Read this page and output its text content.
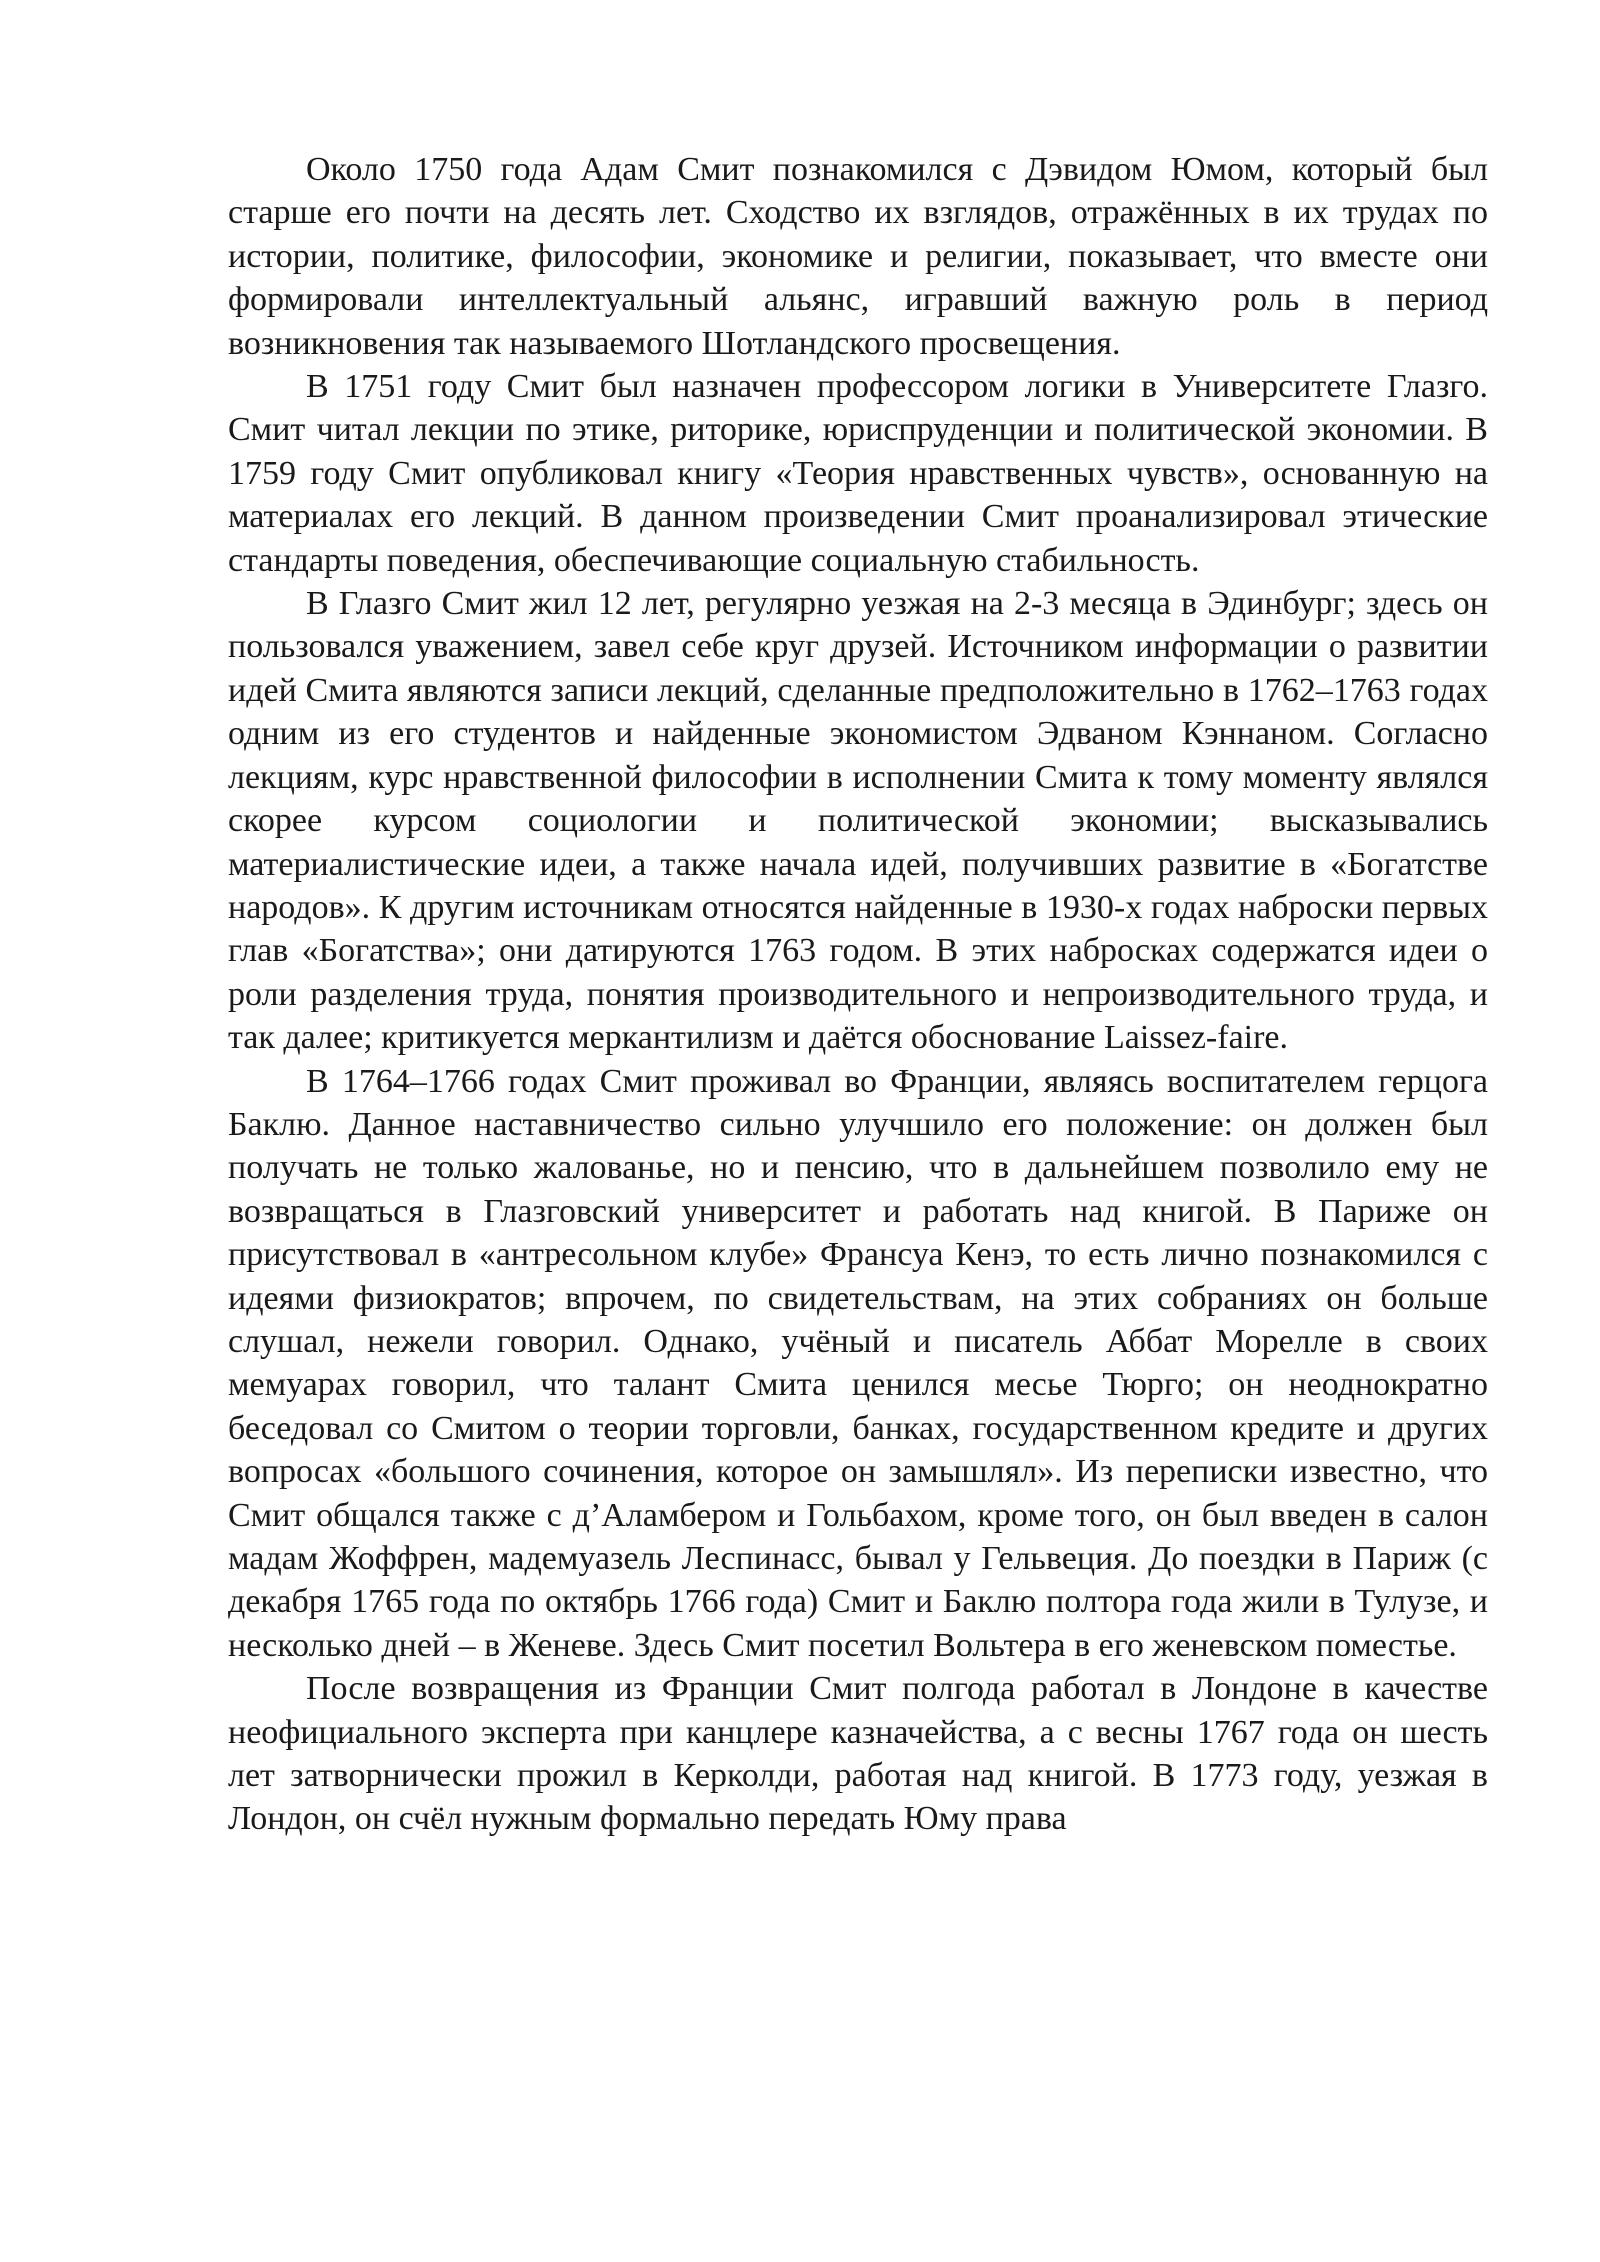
Около 1750 года Адам Смит познакомился с Дэвидом Юмом, который был старше его почти на десять лет. Сходство их взглядов, отражённых в их трудах по истории, политике, философии, экономике и религии, показывает, что вместе они формировали интеллектуальный альянс, игравший важную роль в период возникновения так называемого Шотландского просвещения.

В 1751 году Смит был назначен профессором логики в Университете Глазго. Смит читал лекции по этике, риторике, юриспруденции и политической экономии. В 1759 году Смит опубликовал книгу «Теория нравственных чувств», основанную на материалах его лекций. В данном произведении Смит проанализировал этические стандарты поведения, обеспечивающие социальную стабильность.

В Глазго Смит жил 12 лет, регулярно уезжая на 2-3 месяца в Эдинбург; здесь он пользовался уважением, завел себе круг друзей. Источником информации о развитии идей Смита являются записи лекций, сделанные предположительно в 1762–1763 годах одним из его студентов и найденные экономистом Эдваном Кэннаном. Согласно лекциям, курс нравственной философии в исполнении Смита к тому моменту являлся скорее курсом социологии и политической экономии; высказывались материалистические идеи, а также начала идей, получивших развитие в «Богатстве народов». К другим источникам относятся найденные в 1930-х годах наброски первых глав «Богатства»; они датируются 1763 годом. В этих набросках содержатся идеи о роли разделения труда, понятия производительного и непроизводительного труда, и так далее; критикуется меркантилизм и даётся обоснование Laissez-faire.

В 1764–1766 годах Смит проживал во Франции, являясь воспитателем герцога Баклю. Данное наставничество сильно улучшило его положение: он должен был получать не только жалованье, но и пенсию, что в дальнейшем позволило ему не возвращаться в Глазговский университет и работать над книгой. В Париже он присутствовал в «антресольном клубе» Франсуа Кенэ, то есть лично познакомился с идеями физиократов; впрочем, по свидетельствам, на этих собраниях он больше слушал, нежели говорил. Однако, учёный и писатель Аббат Морелле в своих мемуарах говорил, что талант Смита ценился месье Тюрго; он неоднократно беседовал со Смитом о теории торговли, банках, государственном кредите и других вопросах «большого сочинения, которое он замышлял». Из переписки известно, что Смит общался также с д’Аламбером и Гольбахом, кроме того, он был введен в салон мадам Жоффрен, мадемуазель Леспинасс, бывал у Гельвеция. До поездки в Париж (с декабря 1765 года по октябрь 1766 года) Смит и Баклю полтора года жили в Тулузе, и несколько дней – в Женеве. Здесь Смит посетил Вольтера в его женевском поместье.

После возвращения из Франции Смит полгода работал в Лондоне в качестве неофициального эксперта при канцлере казначейства, а с весны 1767 года он шесть лет затворнически прожил в Керколди, работая над книгой. В 1773 году, уезжая в Лондон, он счёл нужным формально передать Юму права
